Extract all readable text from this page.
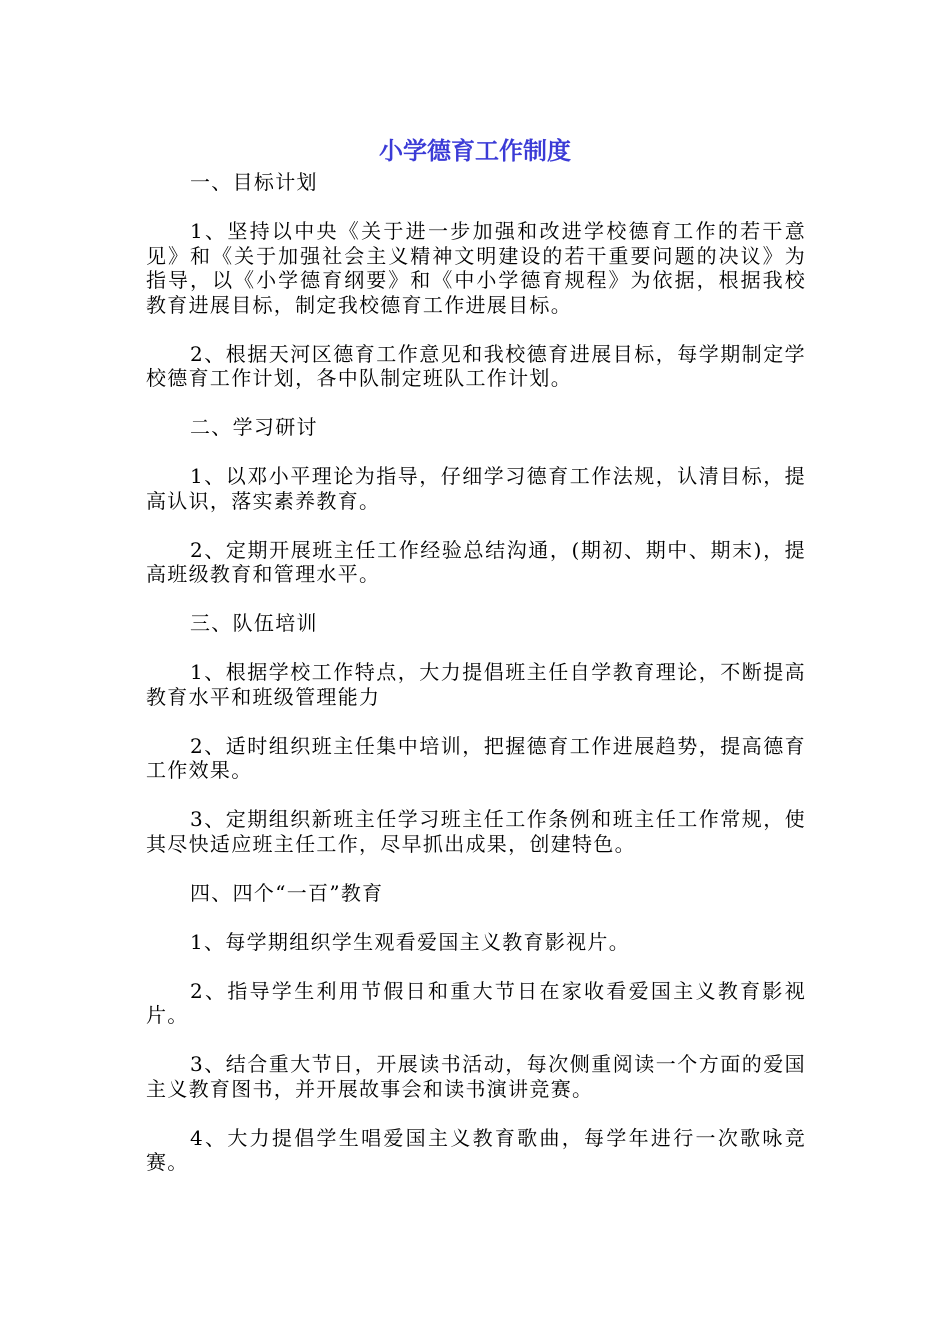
小学德育工作制度

一、目标计划

1、坚持以中央《关于进一步加强和改进学校德育工作的若干意见》和《关于加强社会主义精神文明建设的若干重要问题的决议》为指导，以《小学德育纲要》和《中小学德育规程》为依据，根据我校教育进展目标，制定我校德育工作进展目标。

2、根据天河区德育工作意见和我校德育进展目标，每学期制定学校德育工作计划，各中队制定班队工作计划。

二、学习研讨

1、以邓小平理论为指导，仔细学习德育工作法规，认清目标，提高认识，落实素养教育。

2、定期开展班主任工作经验总结沟通，(期初、期中、期末)，提高班级教育和管理水平。

三、队伍培训

1、根据学校工作特点，大力提倡班主任自学教育理论，不断提高教育水平和班级管理能力

2、适时组织班主任集中培训，把握德育工作进展趋势，提高德育工作效果。

3、定期组织新班主任学习班主任工作条例和班主任工作常规，使其尽快适应班主任工作，尽早抓出成果，创建特色。

四、四个“一百”教育

1、每学期组织学生观看爱国主义教育影视片。

2、指导学生利用节假日和重大节日在家收看爱国主义教育影视片。

3、结合重大节日，开展读书活动，每次侧重阅读一个方面的爱国主义教育图书，并开展故事会和读书演讲竞赛。

4、大力提倡学生唱爱国主义教育歌曲，每学年进行一次歌咏竞赛。
